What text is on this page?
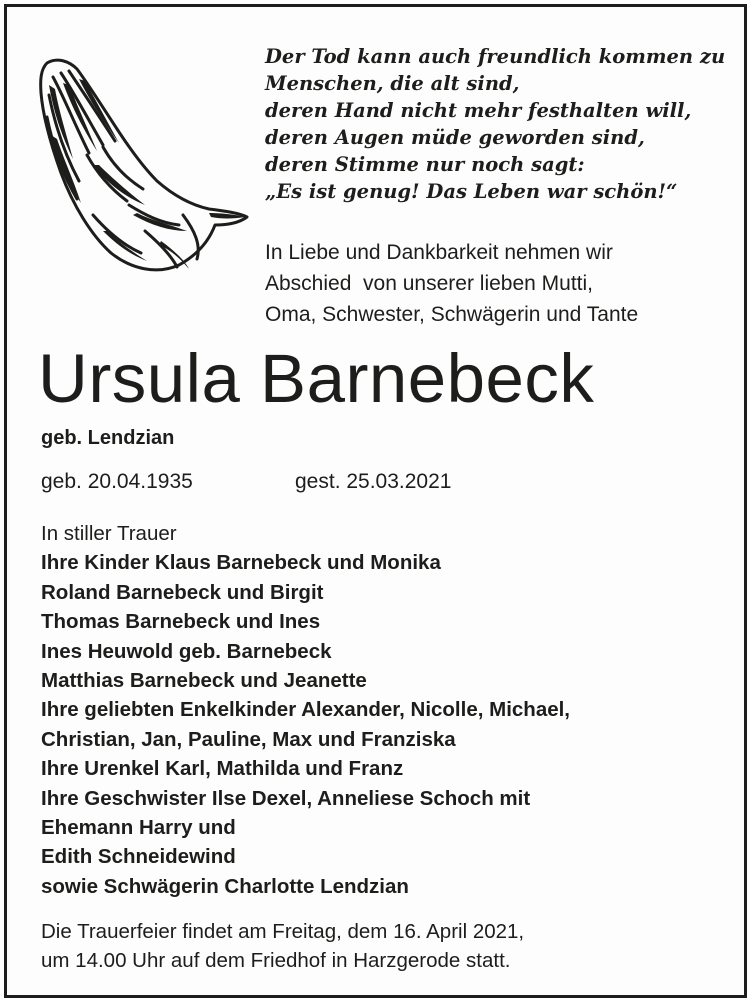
Der Tod kann auch freundlich kommen zu
Menschen, die alt sind,
deren Hand nicht mehr festhalten will,
deren Augen müde geworden sind,
deren Stimme nur noch sagt:
„Es ist genug! Das Leben war schön!“
In Liebe und Dankbarkeit nehmen wir
Abschied  von unserer lieben Mutti,
Oma, Schwester, Schwägerin und Tante
Ursula Barnebeck
geb. Lendzian
geb. 20.04.1935	gest. 25.03.2021
In stiller Trauer
Ihre Kinder Klaus Barnebeck und Monika
Roland Barnebeck und Birgit
Thomas Barnebeck und Ines
Ines Heuwold geb. Barnebeck
Matthias Barnebeck und Jeanette
Ihre geliebten Enkelkinder Alexander, Nicolle, Michael,
Christian, Jan, Pauline, Max und Franziska
Ihre Urenkel Karl, Mathilda und Franz
Ihre Geschwister Ilse Dexel, Anneliese Schoch mit
Ehemann Harry und
Edith Schneidewind
sowie Schwägerin Charlotte Lendzian
Die Trauerfeier findet am Freitag, dem 16. April 2021,
um 14.00 Uhr auf dem Friedhof in Harzgerode statt.
